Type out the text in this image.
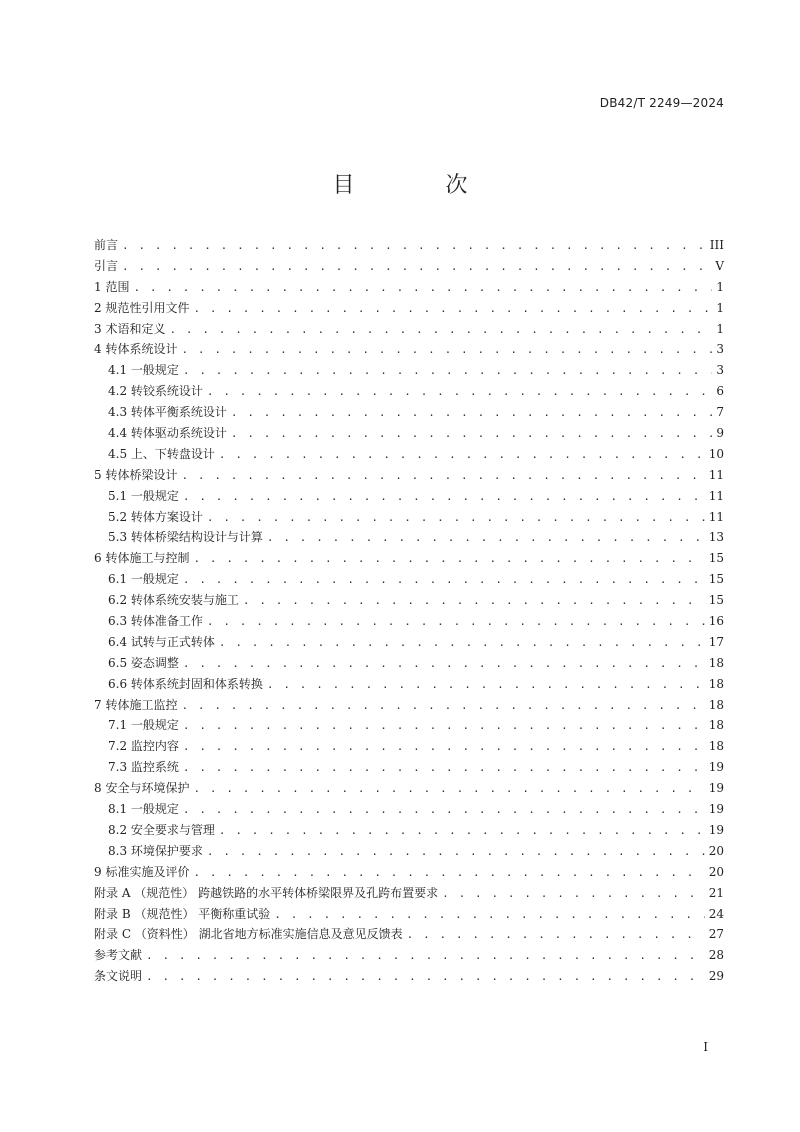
DB42/T 2249—2024
目 次
前言 . . .	III
引言 . . .	V
1 范围 . . .	1
2 规范性引用文件 . . .	1
3 术语和定义 . . .	1
4 转体系统设计 . . .	3
4.1 一般规定 . . .	3
4.2 转铰系统设计 . . .	6
4.3 转体平衡系统设计 . . .	7
4.4 转体驱动系统设计 . . .	9
4.5 上、下转盘设计 . . .	10
5 转体桥梁设计 . . .	11
5.1 一般规定 . . .	11
5.2 转体方案设计 . . .	11
5.3 转体桥梁结构设计与计算 . . .	13
6 转体施工与控制 . . .	15
6.1 一般规定 . . .	15
6.2 转体系统安装与施工 . . .	15
6.3 转体准备工作 . . .	16
6.4 试转与正式转体 . . .	17
6.5 姿态调整 . . .	18
6.6 转体系统封固和体系转换 . . .	18
7 转体施工监控 . . .	18
7.1 一般规定 . . .	18
7.2 监控内容 . . .	18
7.3 监控系统 . . .	19
8 安全与环境保护 . . .	19
8.1 一般规定 . . .	19
8.2 安全要求与管理 . . .	19
8.3 环境保护要求 . . .	20
9 标准实施及评价 . . .	20
附录 A （规范性） 跨越铁路的水平转体桥梁限界及孔跨布置要求 . . .	21
附录 B （规范性） 平衡称重试验 . . .	24
附录 C （资料性） 湖北省地方标准实施信息及意见反馈表 . . .	27
参考文献 . . .	28
条文说明 . . .	29
I
